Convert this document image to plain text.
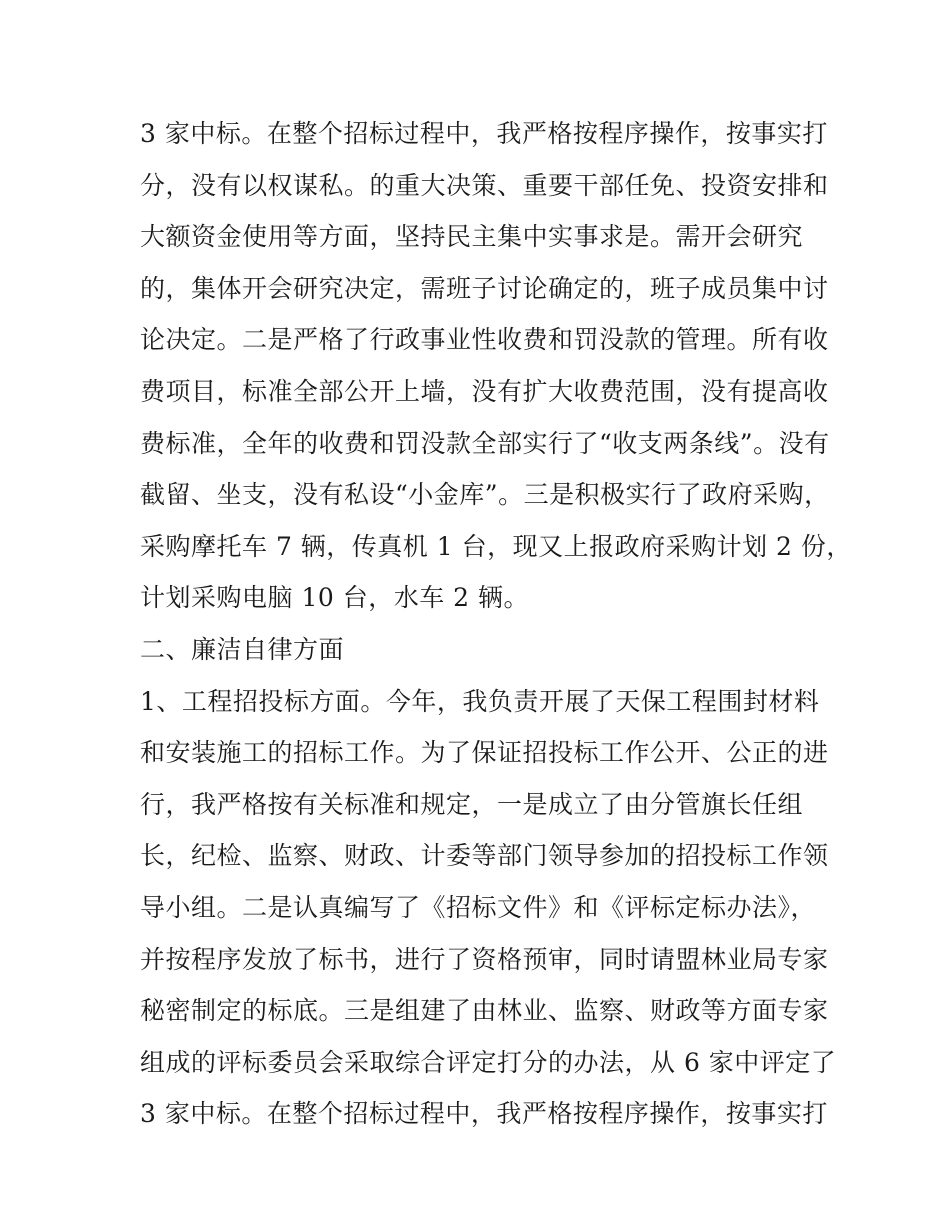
3 家中标。在整个招标过程中，我严格按程序操作，按事实打
分，没有以权谋私。的重大决策、重要干部任免、投资安排和
大额资金使用等方面，坚持民主集中实事求是。需开会研究
的，集体开会研究决定，需班子讨论确定的，班子成员集中讨
论决定。二是严格了行政事业性收费和罚没款的管理。所有收
费项目，标准全部公开上墙，没有扩大收费范围，没有提高收
费标准，全年的收费和罚没款全部实行了“收支两条线”。没有
截留、坐支，没有私设“小金库”。三是积极实行了政府采购，
采购摩托车 7 辆，传真机 1 台，现又上报政府采购计划 2 份，
计划采购电脑 10 台，水车 2 辆。
二、廉洁自律方面
1、工程招投标方面。今年，我负责开展了天保工程围封材料
和安装施工的招标工作。为了保证招投标工作公开、公正的进
行，我严格按有关标准和规定，一是成立了由分管旗长任组
长，纪检、监察、财政、计委等部门领导参加的招投标工作领
导小组。二是认真编写了《招标文件》和《评标定标办法》，
并按程序发放了标书，进行了资格预审，同时请盟林业局专家
秘密制定的标底。三是组建了由林业、监察、财政等方面专家
组成的评标委员会采取综合评定打分的办法，从 6 家中评定了
3 家中标。在整个招标过程中，我严格按程序操作，按事实打
